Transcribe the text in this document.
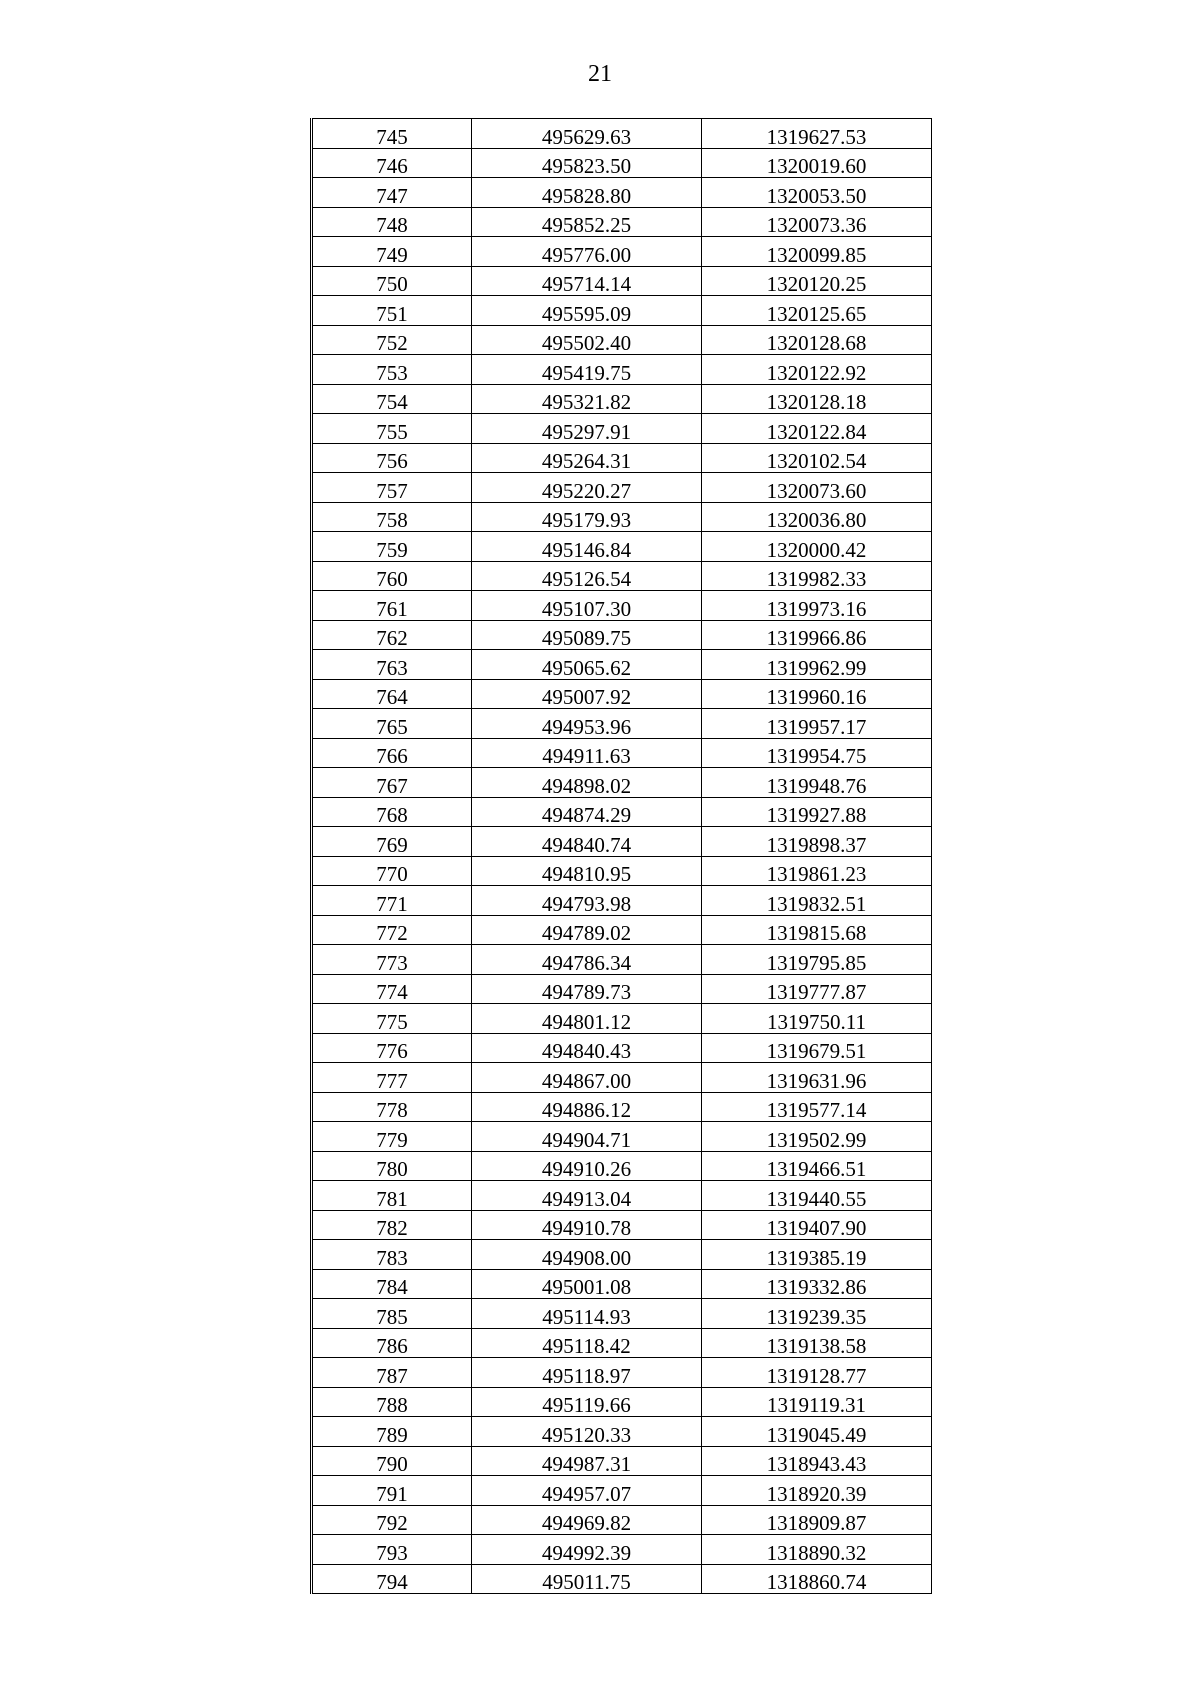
21
745	495629.63	1319627.53
746	495823.50	1320019.60
747	495828.80	1320053.50
748	495852.25	1320073.36
749	495776.00	1320099.85
750	495714.14	1320120.25
751	495595.09	1320125.65
752	495502.40	1320128.68
753	495419.75	1320122.92
754	495321.82	1320128.18
755	495297.91	1320122.84
756	495264.31	1320102.54
757	495220.27	1320073.60
758	495179.93	1320036.80
759	495146.84	1320000.42
760	495126.54	1319982.33
761	495107.30	1319973.16
762	495089.75	1319966.86
763	495065.62	1319962.99
764	495007.92	1319960.16
765	494953.96	1319957.17
766	494911.63	1319954.75
767	494898.02	1319948.76
768	494874.29	1319927.88
769	494840.74	1319898.37
770	494810.95	1319861.23
771	494793.98	1319832.51
772	494789.02	1319815.68
773	494786.34	1319795.85
774	494789.73	1319777.87
775	494801.12	1319750.11
776	494840.43	1319679.51
777	494867.00	1319631.96
778	494886.12	1319577.14
779	494904.71	1319502.99
780	494910.26	1319466.51
781	494913.04	1319440.55
782	494910.78	1319407.90
783	494908.00	1319385.19
784	495001.08	1319332.86
785	495114.93	1319239.35
786	495118.42	1319138.58
787	495118.97	1319128.77
788	495119.66	1319119.31
789	495120.33	1319045.49
790	494987.31	1318943.43
791	494957.07	1318920.39
792	494969.82	1318909.87
793	494992.39	1318890.32
794	495011.75	1318860.74
